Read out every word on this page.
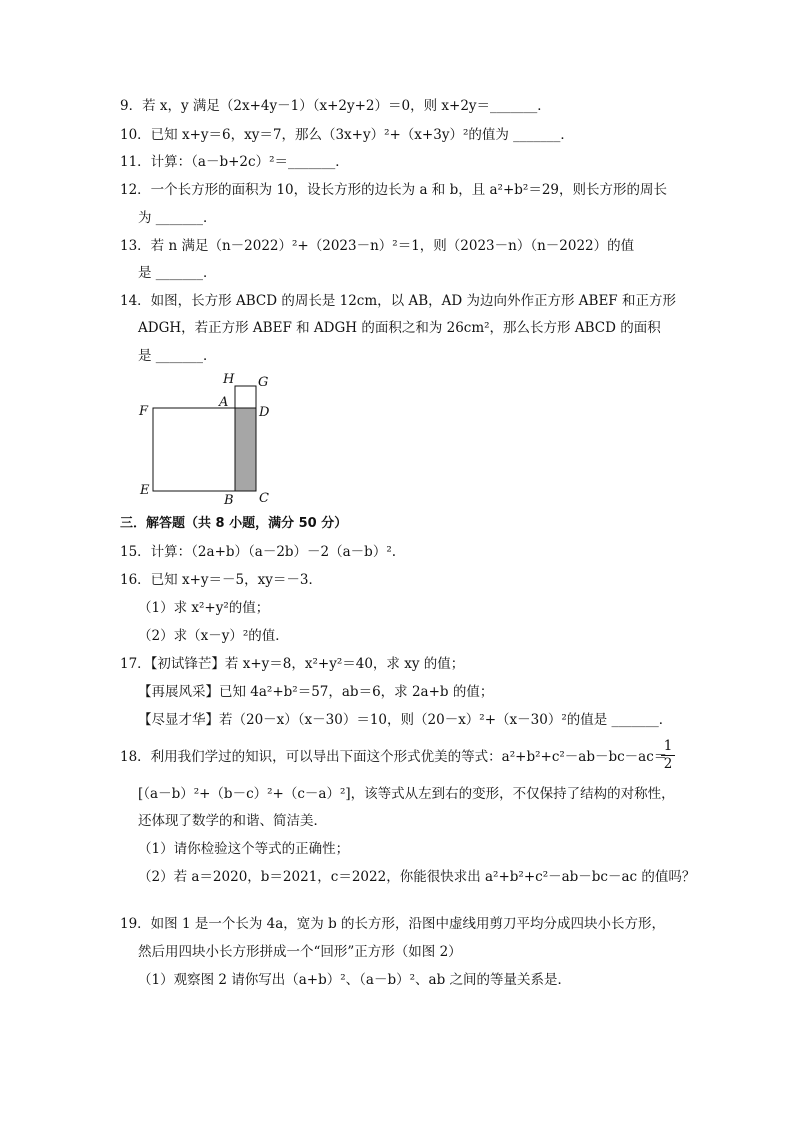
9．若 x，y 满足（2x+4y－1）（x+2y+2）＝0，则 x+2y＝_______．
10．已知 x+y＝6，xy＝7，那么（3x+y）²+（x+3y）²的值为 _______．
11．计算：（a－b+2c）²＝_______．
12．一个长方形的面积为 10，设长方形的边长为 a 和 b，且 a²+b²＝29，则长方形的周长
为 _______．
13．若 n 满足（n－2022）²+（2023－n）²＝1，则（2023－n）（n－2022）的值
是 _______．
14．如图，长方形 ABCD 的周长是 12cm，以 AB，AD 为边向外作正方形 ABEF 和正方形
ADGH，若正方形 ABEF 和 ADGH 的面积之和为 26cm²，那么长方形 ABCD 的面积
是 _______．
H G
F
A
D
E
B C
三．解答题（共 8 小题，满分 50 分）
15．计算：（2a+b）（a－2b）－2（a－b）².
16．已知 x+y＝－5，xy＝－3．
（1）求 x²+y²的值；
（2）求（x－y）²的值．
17．【初试锋芒】若 x+y＝8，x²+y²＝40，求 xy 的值；
【再展风采】已知 4a²+b²＝57，ab＝6，求 2a+b 的值；
【尽显才华】若（20－x）（x－30）＝10，则（20－x）²+（x－30）²的值是 _______．
18．利用我们学过的知识，可以导出下面这个形式优美的等式：a²+b²+c²－ab－bc－ac＝
1
2
[（a－b）²+（b－c）²+（c－a）²]，该等式从左到右的变形，不仅保持了结构的对称性，
还体现了数学的和谐、简洁美．
（1）请你检验这个等式的正确性；
（2）若 a＝2020，b＝2021，c＝2022，你能很快求出 a²+b²+c²－ab－bc－ac 的值吗？
19．如图 1 是一个长为 4a，宽为 b 的长方形，沿图中虚线用剪刀平均分成四块小长方形，
然后用四块小长方形拼成一个“回形”正方形（如图 2）
（1）观察图 2 请你写出（a+b）²、（a－b）²、ab 之间的等量关系是．
